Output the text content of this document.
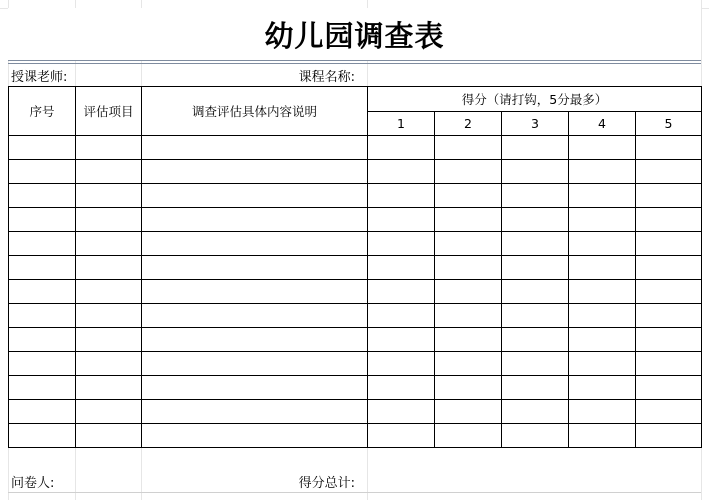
幼儿园调查表
授课老师:	课程名称:
序号	评估项目	调查评估具体内容说明	得分（请打钩，5分最多）				
			1	2	3	4	5

问卷人:	得分总计:
